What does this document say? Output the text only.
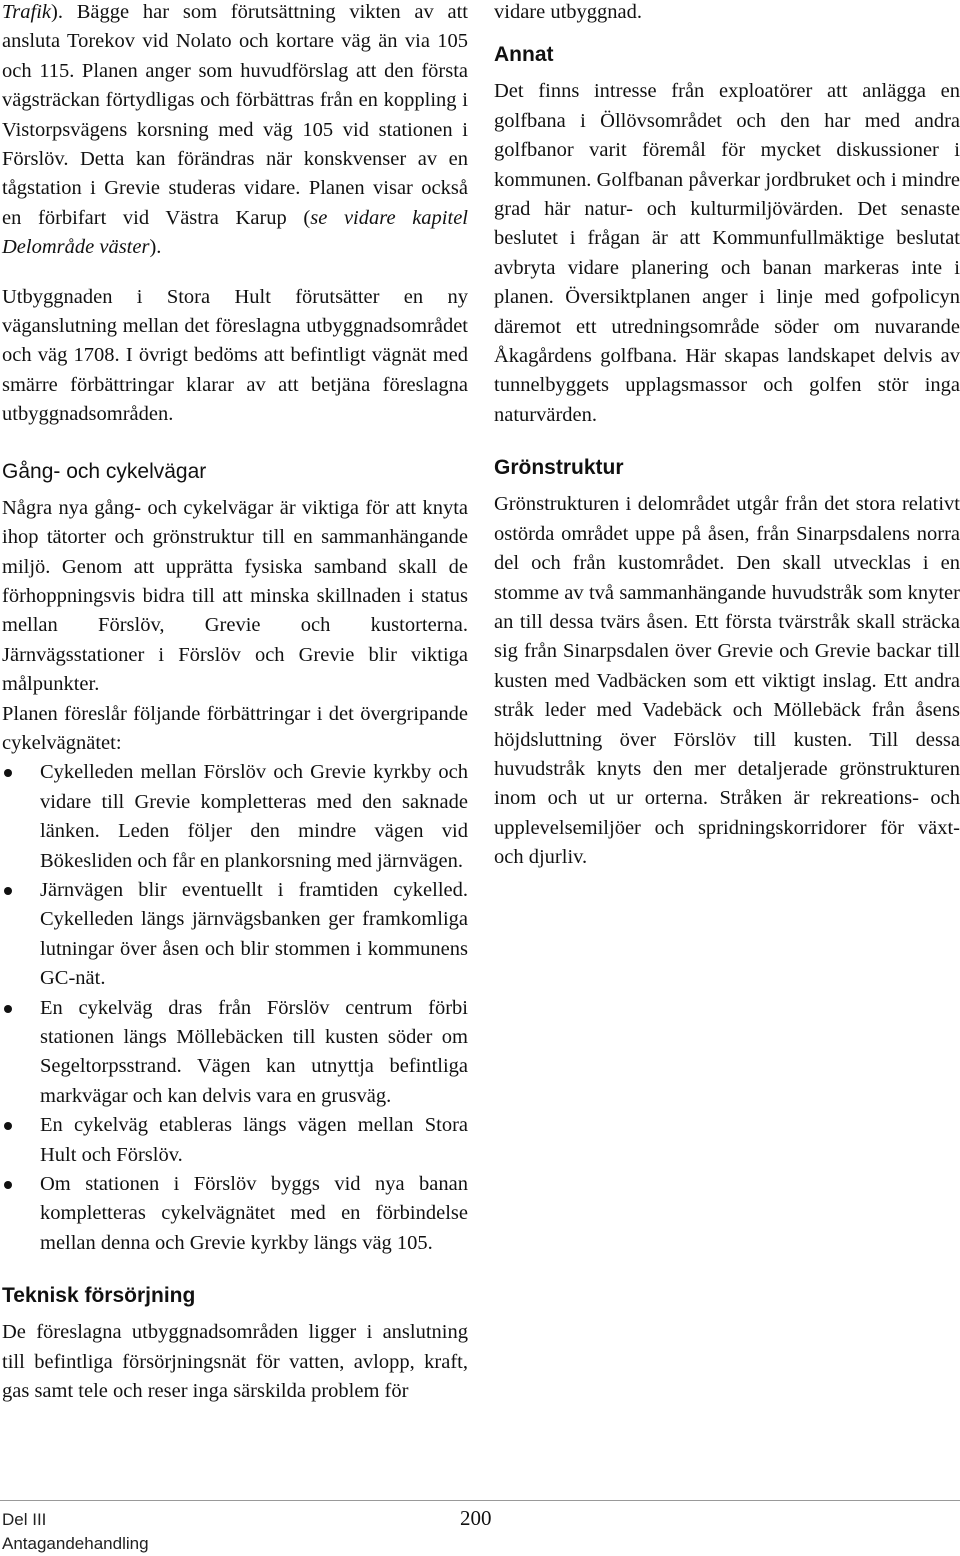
Trafik). Bägge har som förutsättning vikten av att ansluta Torekov vid Nolato och kortare väg än via 105 och 115. Planen anger som huvudförslag att den första vägsträckan förtydligas och förbättras från en koppling i Vistorpsvägens korsning med väg 105 vid stationen i Förslöv. Detta kan förändras när konskvenser av en tågstation i Grevie studeras vidare. Planen visar också en förbifart vid Västra Karup (se vidare kapitel Delområde väster).

Utbyggnaden i Stora Hult förutsätter en ny väganslutning mellan det föreslagna utbyggnadsområdet och väg 1708. I övrigt bedöms att befintligt vägnät med smärre förbättringar klarar av att betjäna föreslagna utbyggnadsområden.

Gång- och cykelvägar

Några nya gång- och cykelvägar är viktiga för att knyta ihop tätorter och grönstruktur till en sammanhängande miljö. Genom att upprätta fysiska samband skall de förhoppningsvis bidra till att minska skillnaden i status mellan Förslöv, Grevie och kustorterna. Järnvägsstationer i Förslöv och Grevie blir viktiga målpunkter.

Planen föreslår följande förbättringar i det övergripande cykelvägnätet:

Cykelleden mellan Förslöv och Grevie kyrkby och vidare till Grevie kompletteras med den saknade länken. Leden följer den mindre vägen vid Bökesliden och får en plankorsning med järnvägen.

Järnvägen blir eventuellt i framtiden cykelled. Cykelleden längs järnvägsbanken ger framkomliga lutningar över åsen och blir stommen i kommunens GC-nät.

En cykelväg dras från Förslöv centrum förbi stationen längs Möllebäcken till kusten söder om Segeltorpsstrand. Vägen kan utnyttja befintliga markvägar och kan delvis vara en grusväg.

En cykelväg etableras längs vägen mellan Stora Hult och Förslöv.

Om stationen i Förslöv byggs vid nya banan kompletteras cykelvägnätet med en förbindelse mellan denna och Grevie kyrkby längs väg 105.

Teknisk försörjning

De föreslagna utbyggnadsområden ligger i anslutning till befintliga försörjningsnät för vatten, avlopp, kraft, gas samt tele och reser inga särskilda problem för

vidare utbyggnad.

Annat

Det finns intresse från exploatörer att anlägga en golfbana i Öllövsområdet och den har med andra golfbanor varit föremål för mycket diskussioner i kommunen. Golfbanan påverkar jordbruket och i mindre grad här natur- och kulturmiljövärden. Det senaste beslutet i frågan är att Kommunfullmäktige beslutat avbryta vidare planering och banan markeras inte i planen. Översiktplanen anger i linje med gofpolicyn däremot ett utredningsområde söder om nuvarande Åkagårdens golfbana. Här skapas landskapet delvis av tunnelbyggets upplagsmassor och golfen stör inga naturvärden.

Grönstruktur

Grönstrukturen i delområdet utgår från det stora relativt ostörda området uppe på åsen, från Sinarpsdalens norra del och från kustområdet. Den skall utvecklas i en stomme av två sammanhängande huvudstråk som knyter an till dessa tvärs åsen. Ett första tvärstråk skall sträcka sig från Sinarpsdalen över Grevie och Grevie backar till kusten med Vadbäcken som ett viktigt inslag. Ett andra stråk leder med Vadebäck och Möllebäck från åsens höjdsluttning över Förslöv till kusten. Till dessa huvudstråk knyts den mer detaljerade grönstrukturen inom och ut ur orterna. Stråken är rekreations- och upplevelsemiljöer och spridningskorridorer för växt- och djurliv.

Del III
Antagandehandling
200
